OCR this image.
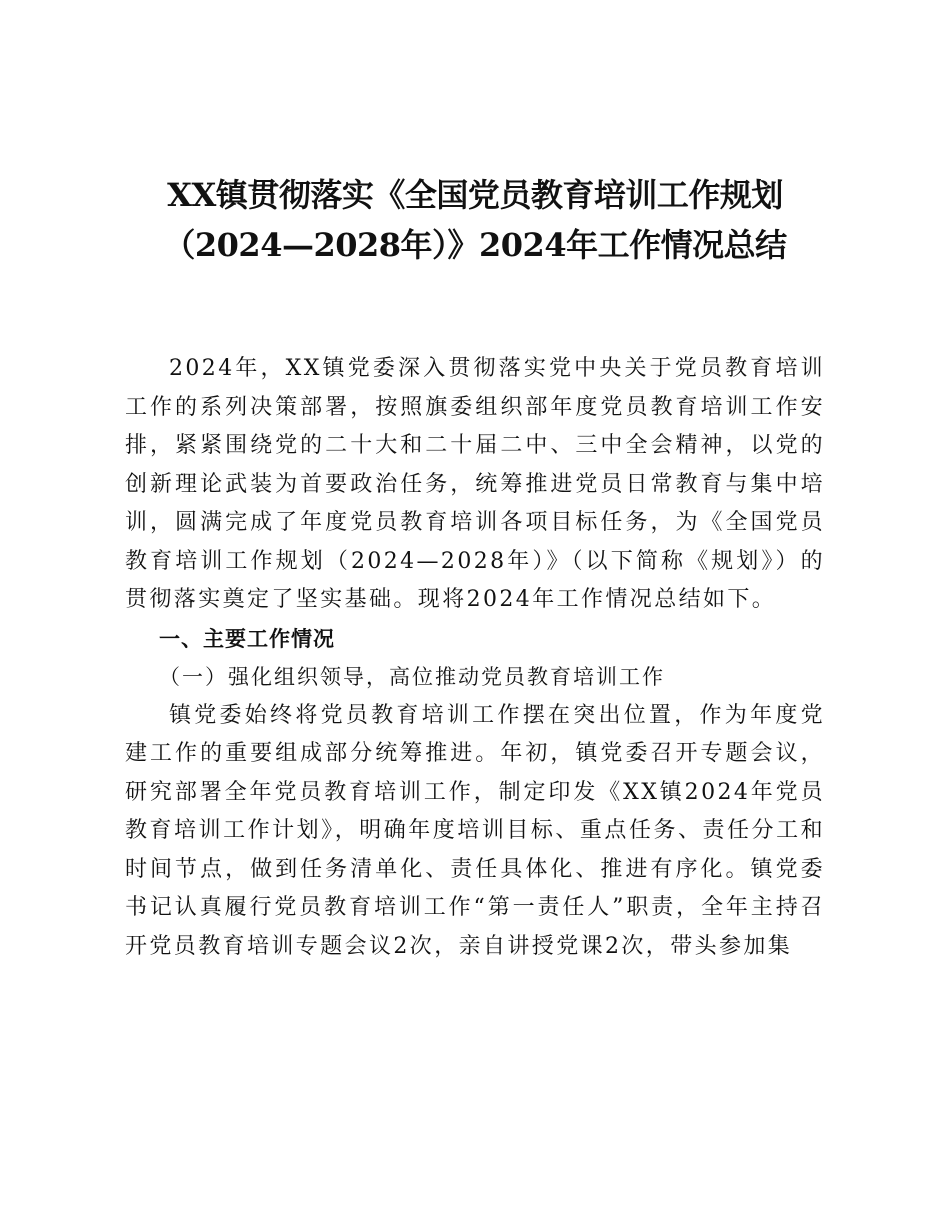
XX镇贯彻落实《全国党员教育培训工作规划
（2024—2028年）》2024年工作情况总结

2024年，XX镇党委深入贯彻落实党中央关于党员教育培训工作的系列决策部署，按照旗委组织部年度党员教育培训工作安排，紧紧围绕党的二十大和二十届二中、三中全会精神，以党的创新理论武装为首要政治任务，统筹推进党员日常教育与集中培训，圆满完成了年度党员教育培训各项目标任务，为《全国党员教育培训工作规划（2024—2028年）》（以下简称《规划》）的贯彻落实奠定了坚实基础。现将2024年工作情况总结如下。

一、主要工作情况
（一）强化组织领导，高位推动党员教育培训工作

镇党委始终将党员教育培训工作摆在突出位置，作为年度党建工作的重要组成部分统筹推进。年初，镇党委召开专题会议，研究部署全年党员教育培训工作，制定印发《XX镇2024年党员教育培训工作计划》，明确年度培训目标、重点任务、责任分工和时间节点，做到任务清单化、责任具体化、推进有序化。镇党委书记认真履行党员教育培训工作“第一责任人”职责，全年主持召开党员教育培训专题会议2次，亲自讲授党课2次，带头参加集
